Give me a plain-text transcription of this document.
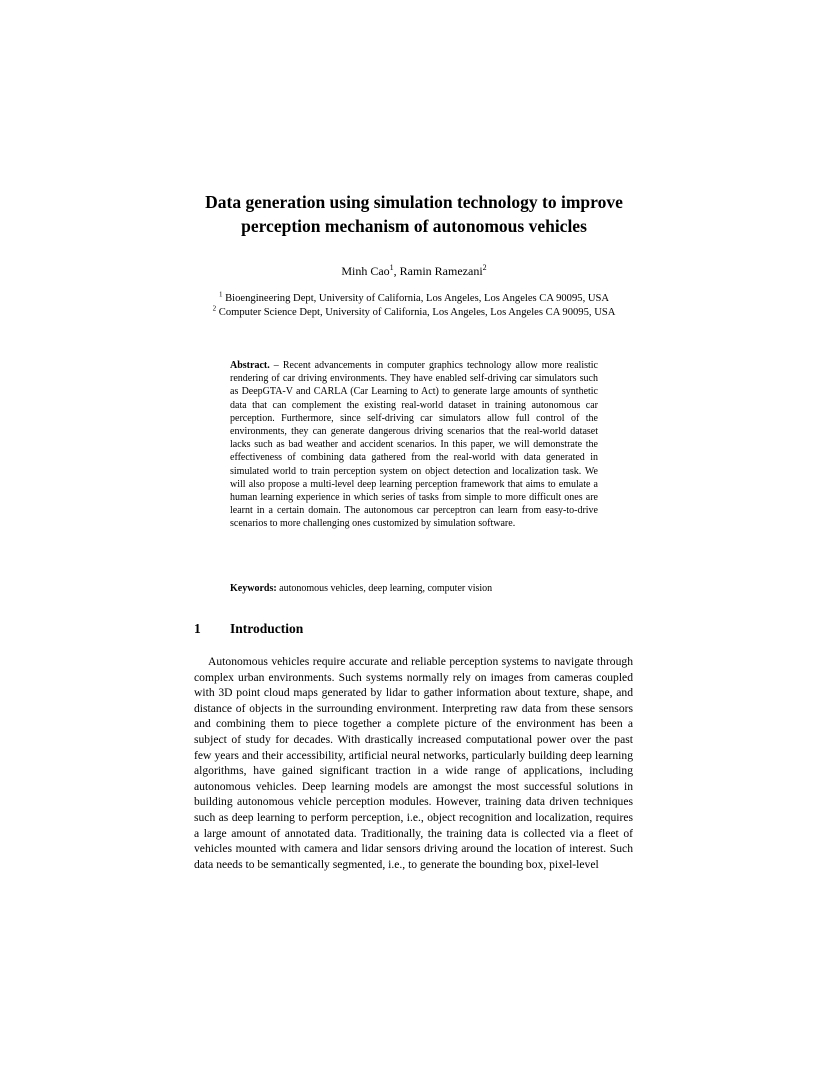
Data generation using simulation technology to improve
perception mechanism of autonomous vehicles
Minh Cao$^1$, Ramin Ramezani$^2$
$^1$ Bioengineering Dept, University of California, Los Angeles, Los Angeles CA 90095, USA
$^2$ Computer Science Dept, University of California, Los Angeles, Los Angeles CA 90095, USA
Abstract. – Recent advancements in computer graphics technology allow more realistic rendering of car driving environments. They have enabled self-driving car simulators such as DeepGTA-V and CARLA (Car Learning to Act) to generate large amounts of synthetic data that can complement the existing real-world dataset in training autonomous car perception. Furthermore, since self-driving car simulators allow full control of the environments, they can generate dangerous driving scenarios that the real-world dataset lacks such as bad weather and accident scenarios. In this paper, we will demonstrate the effectiveness of combining data gathered from the real-world with data generated in simulated world to train perception system on object detection and localization task. We will also propose a multi-level deep learning perception framework that aims to emulate a human learning experience in which series of tasks from simple to more difficult ones are learnt in a certain domain. The autonomous car perceptron can learn from easy-to-drive scenarios to more challenging ones customized by simulation software.
Keywords: autonomous vehicles, deep learning, computer vision
1 Introduction
Autonomous vehicles require accurate and reliable perception systems to navigate through complex urban environments. Such systems normally rely on images from cameras coupled with 3D point cloud maps generated by lidar to gather information about texture, shape, and distance of objects in the surrounding environment. Interpreting raw data from these sensors and combining them to piece together a complete picture of the environment has been a subject of study for decades. With drastically increased computational power over the past few years and their accessibility, artificial neural networks, particularly building deep learning algorithms, have gained significant traction in a wide range of applications, including autonomous vehicles. Deep learning models are amongst the most successful solutions in building autonomous vehicle perception modules. However, training data driven techniques such as deep learning to perform perception, i.e., object recognition and localization, requires a large amount of annotated data. Traditionally, the training data is collected via a fleet of vehicles mounted with camera and lidar sensors driving around the location of interest. Such data needs to be semantically segmented, i.e., to generate the bounding box, pixel-level
